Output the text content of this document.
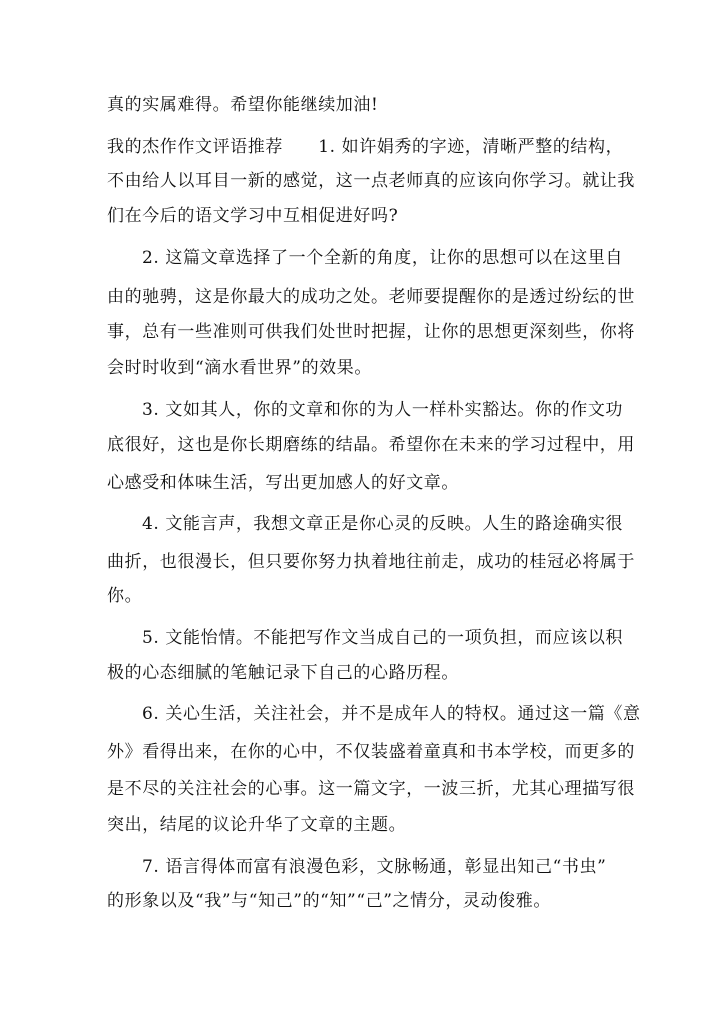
真的实属难得。希望你能继续加油!
我的杰作作文评语推荐　　1. 如许娟秀的字迹，清晰严整的结构，
不由给人以耳目一新的感觉，这一点老师真的应该向你学习。就让我
们在今后的语文学习中互相促进好吗?
2. 这篇文章选择了一个全新的角度，让你的思想可以在这里自
由的驰骋，这是你最大的成功之处。老师要提醒你的是透过纷纭的世
事，总有一些准则可供我们处世时把握，让你的思想更深刻些，你将
会时时收到“滴水看世界”的效果。
3. 文如其人，你的文章和你的为人一样朴实豁达。你的作文功
底很好，这也是你长期磨练的结晶。希望你在未来的学习过程中，用
心感受和体味生活，写出更加感人的好文章。
4. 文能言声，我想文章正是你心灵的反映。人生的路途确实很
曲折，也很漫长，但只要你努力执着地往前走，成功的桂冠必将属于
你。
5. 文能怡情。不能把写作文当成自己的一项负担，而应该以积
极的心态细腻的笔触记录下自己的心路历程。
6. 关心生活，关注社会，并不是成年人的特权。通过这一篇《意
外》看得出来，在你的心中，不仅装盛着童真和书本学校，而更多的
是不尽的关注社会的心事。这一篇文字，一波三折，尤其心理描写很
突出，结尾的议论升华了文章的主题。
7. 语言得体而富有浪漫色彩，文脉畅通，彰显出知己“书虫”
的形象以及“我”与“知己”的“知”“己”之情分，灵动俊雅。
